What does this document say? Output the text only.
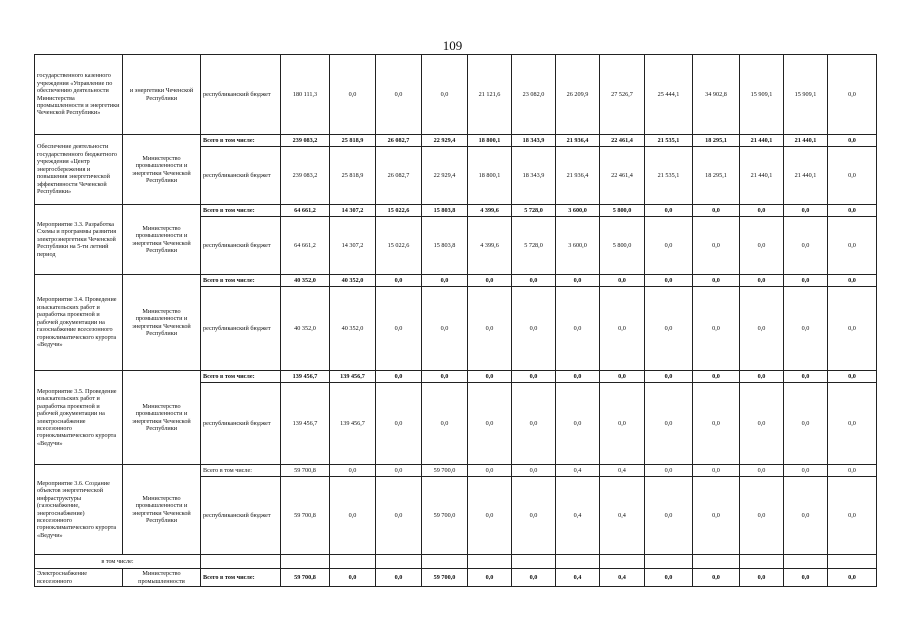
109
государственного казенного учреждения «Управление по обеспечению деятельности Министерства промышленности и энергетики Чеченской Республики»	и энергетики Чеченской Республики	республиканский бюджет	180 111,3	0,0	0,0	0,0	21 121,6	23 082,0	26 209,9	27 526,7	25 444,1	34 902,8	15 909,1	15 909,1	0,0
Обеспечение деятельности государственного бюджетного учреждения «Центр энергосбережения и повышения энергетической эффективности Чеченской Республики»	Министерство промышленности и энергетики Чеченской Республики	Всего в том числе:	239 083,2	25 818,9	26 082,7	22 929,4	18 800,1	18 343,9	21 936,4	22 461,4	21 535,1	18 295,1	21 440,1	21 440,1	0,0
		республиканский бюджет	239 083,2	25 818,9	26 082,7	22 929,4	18 800,1	18 343,9	21 936,4	22 461,4	21 535,1	18 295,1	21 440,1	21 440,1	0,0
Мероприятие 3.3. Разработка Схемы и программы развития электроэнергетики Чеченской Республики на 5-ти летний период	Министерство промышленности и энергетики Чеченской Республики	Всего в том числе:	64 661,2	14 307,2	15 022,6	15 803,8	4 399,6	5 728,0	3 600,0	5 800,0	0,0	0,0	0,0	0,0	0,0
		республиканский бюджет	64 661,2	14 307,2	15 022,6	15 803,8	4 399,6	5 728,0	3 600,0	5 800,0	0,0	0,0	0,0	0,0	0,0
Мероприятие 3.4. Проведение изыскательских работ и разработка проектной и рабочей документации на газоснабжение всесезонного горноклиматического курорта «Ведучи»	Министерство промышленности и энергетики Чеченской Республики	Всего в том числе:	40 352,0	40 352,0	0,0	0,0	0,0	0,0	0,0	0,0	0,0	0,0	0,0	0,0	0,0
		республиканский бюджет	40 352,0	40 352,0	0,0	0,0	0,0	0,0	0,0	0,0	0,0	0,0	0,0	0,0	0,0
Мероприятие 3.5. Проведение изыскательских работ и разработка проектной и рабочей документации на электроснабжение всесезонного горноклиматического курорта «Ведучи»	Министерство промышленности и энергетики Чеченской Республики	Всего в том числе:	139 456,7	139 456,7	0,0	0,0	0,0	0,0	0,0	0,0	0,0	0,0	0,0	0,0	0,0
		республиканский бюджет	139 456,7	139 456,7	0,0	0,0	0,0	0,0	0,0	0,0	0,0	0,0	0,0	0,0	0,0
Мероприятие 3.6. Создание объектов энергетической инфраструктуры (газоснабжение, энергоснабжение) всесезонного горноклиматического курорта «Ведучи»	Министерство промышленности и энергетики Чеченской Республики	Всего в том числе:	59 700,8	0,0	0,0	59 700,0	0,0	0,0	0,4	0,4	0,0	0,0	0,0	0,0	0,0
		республиканский бюджет	59 700,8	0,0	0,0	59 700,0	0,0	0,0	0,4	0,4	0,0	0,0	0,0	0,0	0,0
в том числе:															
Электроснабжение всесезонного	Министерство промышленности	Всего в том числе:	59 700,8	0,0	0,0	59 700,0	0,0	0,0	0,4	0,4	0,0	0,0	0,0	0,0	0,0
